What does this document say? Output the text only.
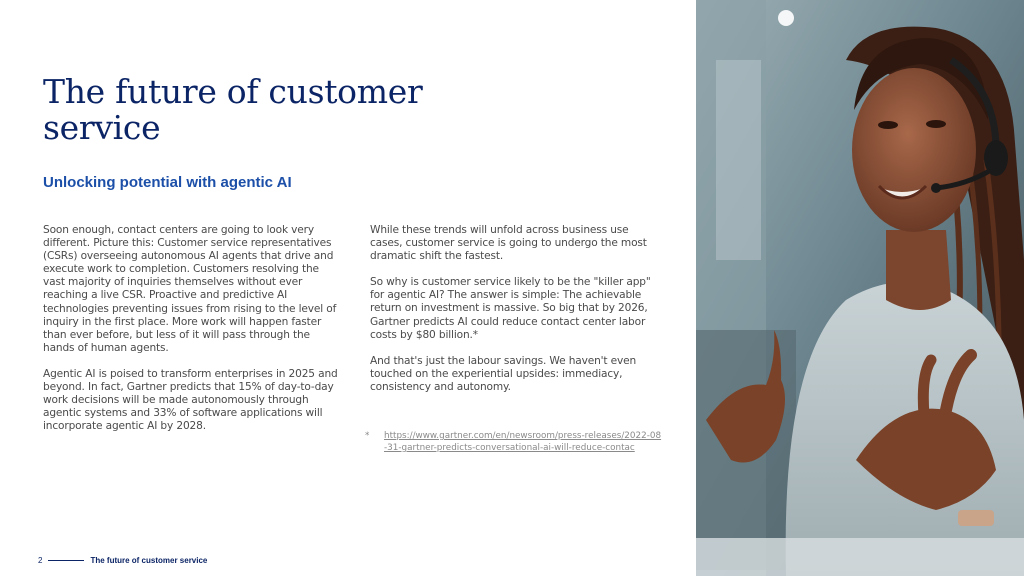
The future of customer service
Unlocking potential with agentic AI

Soon enough, contact centers are going to look very different. Picture this: Customer service representatives (CSRs) overseeing autonomous AI agents that drive and execute work to completion. Customers resolving the vast majority of inquiries themselves without ever reaching a live CSR. Proactive and predictive AI technologies preventing issues from rising to the level of inquiry in the first place. More work will happen faster than ever before, but less of it will pass through the hands of human agents.

Agentic AI is poised to transform enterprises in 2025 and beyond. In fact, Gartner predicts that 15% of day-to-day work decisions will be made autonomously through agentic systems and 33% of software applications will incorporate agentic AI by 2028.

While these trends will unfold across business use cases, customer service is going to undergo the most dramatic shift the fastest.

So why is customer service likely to be the "killer app" for agentic AI? The answer is simple: The achievable return on investment is massive. So big that by 2026, Gartner predicts AI could reduce contact center labor costs by $80 billion.*

And that's just the labour savings. We haven't even touched on the experiential upsides: immediacy, consistency and autonomy.

* https://www.gartner.com/en/newsroom/press-releases/2022-08-31-gartner-predicts-conversational-ai-will-reduce-contac
2	The future of customer service
